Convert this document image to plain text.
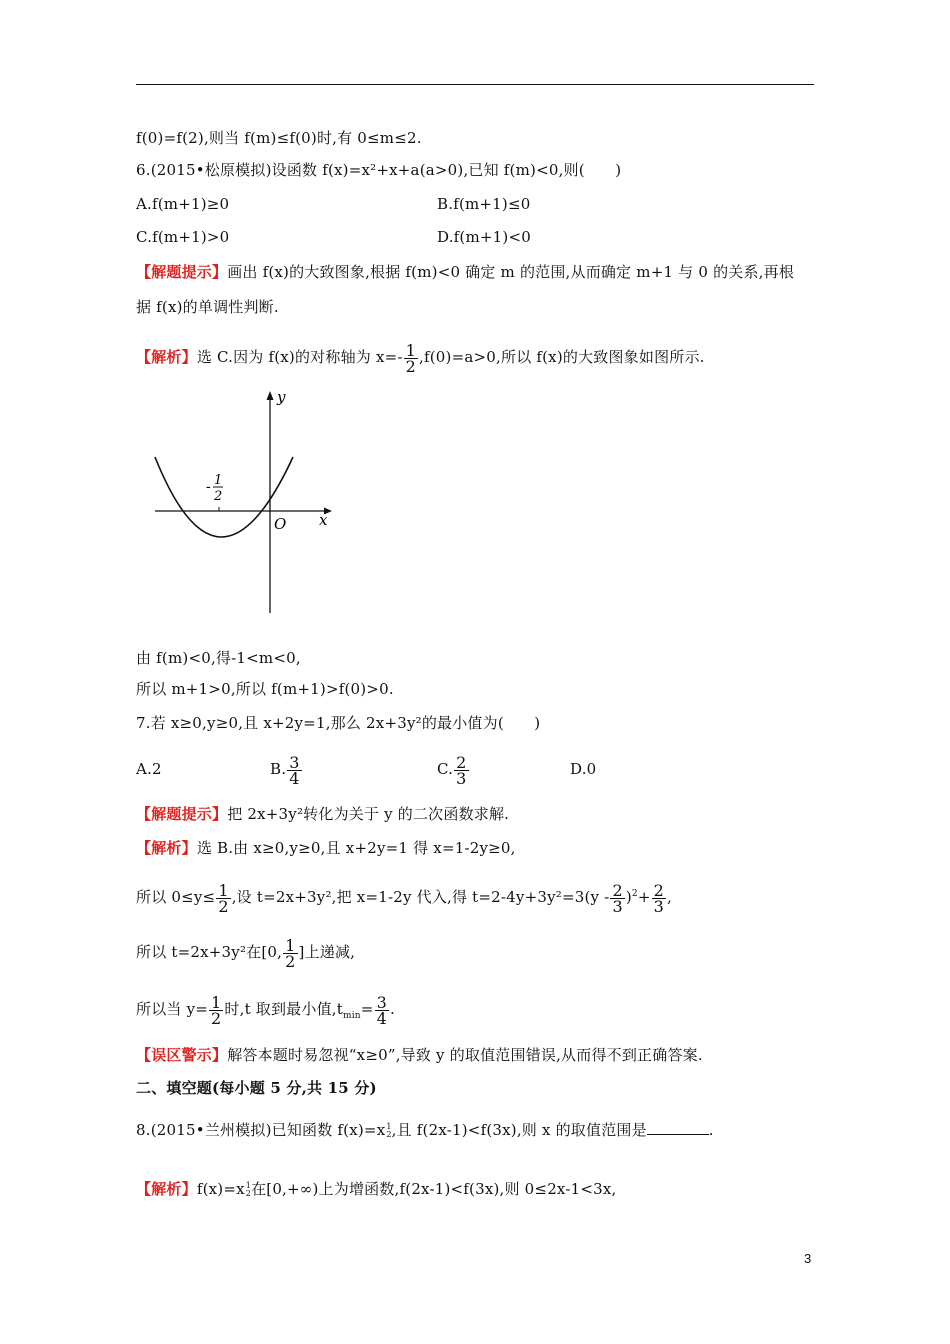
f(0)=f(2),则当 f(m)≤f(0)时,有 0≤m≤2.
6.(2015•松原模拟)设函数 f(x)=x²+x+a(a>0),已知 f(m)<0,则(　　)
A.f(m+1)≥0	B.f(m+1)≤0
C.f(m+1)>0	D.f(m+1)<0
【解题提示】画出 f(x)的大致图象,根据 f(m)<0 确定 m 的范围,从而确定 m+1 与 0 的关系,再根
据 f(x)的单调性判断.
【解析】选 C.因为 f(x)的对称轴为 $x=- \frac{1}{2} ,f(0)=a>0$,所以 f(x)的大致图象如图所示.
y
x
O
- 1
2
由 f(m)<0,得-1<m<0,
所以 m+1>0,所以 f(m+1)>f(0)>0.
7.若 x≥0,y≥0,且 x+2y=1,那么 2x+3y²的最小值为(　　)
A.2	B. $\frac{3}{4}$	C. $\frac{2}{3}$	D.0
【解题提示】把 2x+3y²转化为关于 y 的二次函数求解.
【解析】选 B.由 x≥0,y≥0,且 x+2y=1 得 x=1-2y≥0,
所以 $0\le y\le \frac{1}{2}$ ,设 t=2x+3y²,把 x=1-2y 代入,得 $t=2-4y+3y^2=3(y - \frac{2}{3} )^2+ \frac{2}{3}$ ,
所以 t=2x+3y²在[0, $\frac{1}{2}$ ]上递减,
所以当 $y= \frac{1}{2}$ 时,t 取到最小值$,t_{min}= \frac{3}{4}$ .
【误区警示】解答本题时易忽视“x≥0”,导致 y 的取值范围错误,从而得不到正确答案.
二、填空题(每小题 5 分,共 15 分)
8.(2015•兰州模拟)已知函数 f(x)=x 1
2 ,且 f(2x-1)<f(3x),则 x 的取值范围是	.
【解析】f(x)=x 1
2 在[0,+∞)上为增函数,f(2x-1)<f(3x),则 0≤2x-1<3x,
3
